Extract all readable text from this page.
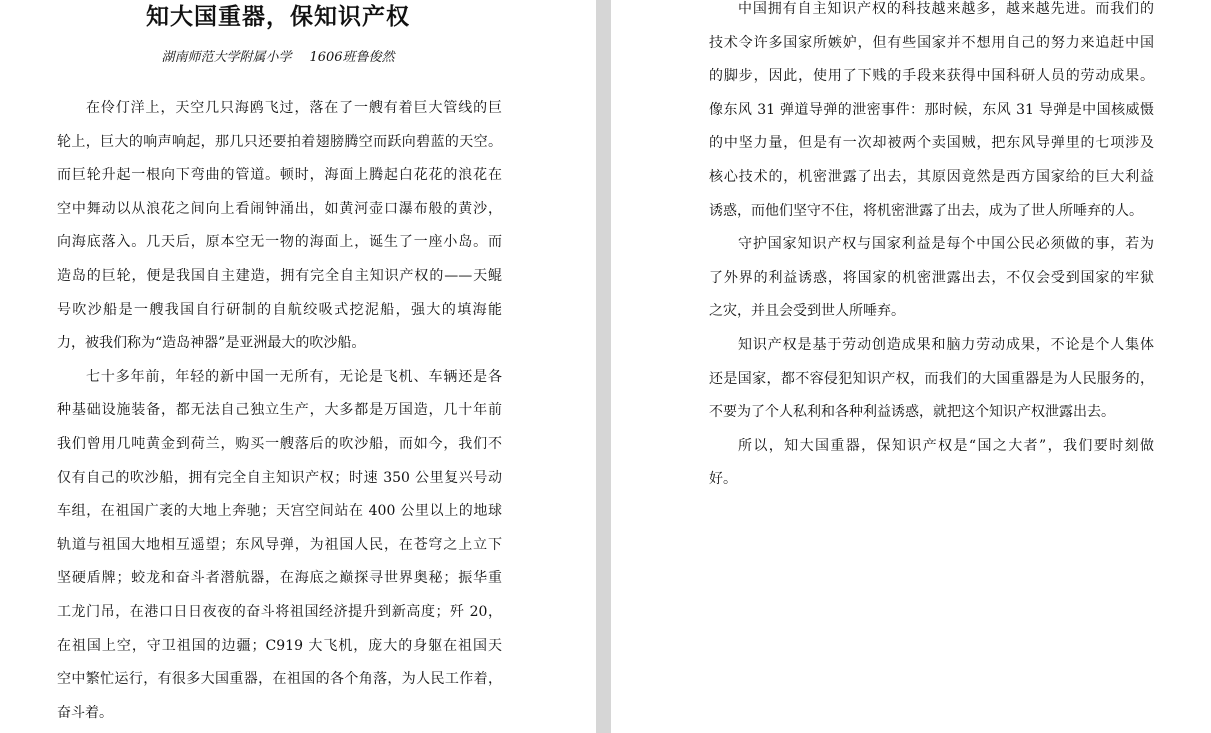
知大国重器，保知识产权
湖南师范大学附属小学 1606班鲁俊然
在伶仃洋上，天空几只海鸥飞过，落在了一艘有着巨大管线的巨
轮上，巨大的响声响起，那几只还要拍着翅膀腾空而跃向碧蓝的天空。
而巨轮升起一根向下弯曲的管道。顿时，海面上腾起白花花的浪花在
空中舞动以从浪花之间向上看闹钟涌出，如黄河壶口瀑布般的黄沙，
向海底落入。几天后，原本空无一物的海面上，诞生了一座小岛。而
造岛的巨轮，便是我国自主建造，拥有完全自主知识产权的——天鲲
号吹沙船是一艘我国自行研制的自航绞吸式挖泥船，强大的填海能
力，被我们称为“造岛神器”是亚洲最大的吹沙船。
七十多年前，年轻的新中国一无所有，无论是飞机、车辆还是各
种基础设施装备，都无法自己独立生产，大多都是万国造，几十年前
我们曾用几吨黄金到荷兰，购买一艘落后的吹沙船，而如今，我们不
仅有自己的吹沙船，拥有完全自主知识产权；时速 350 公里复兴号动
车组，在祖国广袤的大地上奔驰；天宫空间站在 400 公里以上的地球
轨道与祖国大地相互遥望；东风导弹，为祖国人民，在苍穹之上立下
坚硬盾牌；蛟龙和奋斗者潜航器，在海底之巅探寻世界奥秘；振华重
工龙门吊，在港口日日夜夜的奋斗将祖国经济提升到新高度；歼 20，
在祖国上空，守卫祖国的边疆；C919 大飞机，庞大的身躯在祖国天
空中繁忙运行，有很多大国重器，在祖国的各个角落，为人民工作着，
奋斗着。
中国拥有自主知识产权的科技越来越多，越来越先进。而我们的
技术令许多国家所嫉妒，但有些国家并不想用自己的努力来追赶中国
的脚步，因此，使用了下贱的手段来获得中国科研人员的劳动成果。
像东风 31 弹道导弹的泄密事件：那时候，东风 31 导弹是中国核威慑
的中坚力量，但是有一次却被两个卖国贼，把东风导弹里的七项涉及
核心技术的，机密泄露了出去，其原因竟然是西方国家给的巨大利益
诱惑，而他们坚守不住，将机密泄露了出去，成为了世人所唾弃的人。
守护国家知识产权与国家利益是每个中国公民必须做的事，若为
了外界的利益诱惑，将国家的机密泄露出去，不仅会受到国家的牢狱
之灾，并且会受到世人所唾弃。
知识产权是基于劳动创造成果和脑力劳动成果，不论是个人集体
还是国家，都不容侵犯知识产权，而我们的大国重器是为人民服务的，
不要为了个人私利和各种利益诱惑，就把这个知识产权泄露出去。
所以，知大国重器，保知识产权是“国之大者”，我们要时刻做
好。
